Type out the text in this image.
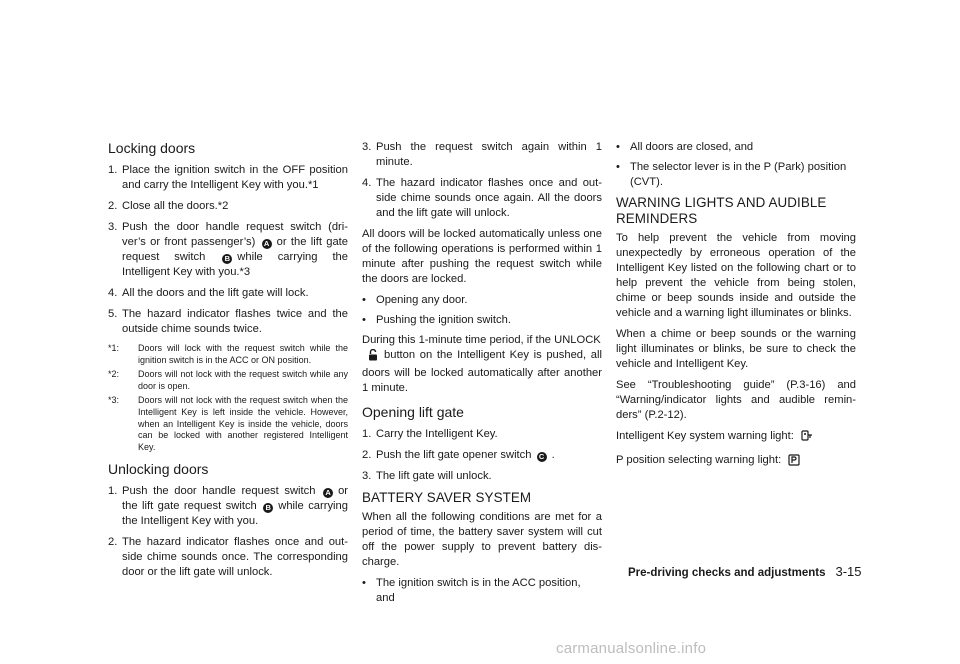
Locking doors
1. Place the ignition switch in the OFF position and carry the Intelligent Key with you.*1
2. Close all the doors.*2
3. Push the door handle request switch (dri-ver’s or front passenger’s) A or the lift gate request switch	B while carrying the Intelligent Key with you.*3
4. All the doors and the lift gate will lock.
5. The hazard indicator flashes twice and the outside chime sounds twice.
*1: Doors will lock with the request switch while the ignition switch is in the ACC or ON position.
*2: Doors will not lock with the request switch while any door is open.
*3: Doors will not lock with the request switch when the Intelligent Key is left inside the vehicle. However, when an Intelligent Key is inside the vehicle, doors can be locked with another registered Intelligent Key.
Unlocking doors
1. Push the door handle request switch A or the lift gate request switch B while carrying the Intelligent Key with you.
2. The hazard indicator flashes once and out-side chime sounds once. The corresponding door or the lift gate will unlock.
3. Push the request switch again within 1 minute.
4. The hazard indicator flashes once and out-side chime sounds once again. All the doors and the lift gate will unlock.

All doors will be locked automatically unless one of the following operations is performed within 1 minute after pushing the request switch while the doors are locked.

• Opening any door.
• Pushing the ignition switch.

During this 1-minute time period, if the UNLOCK
button on the Intelligent Key is pushed, all doors will be locked automatically after another 1 minute.

Opening lift gate
1. Carry the Intelligent Key.
2. Push the lift gate opener switch C .
3. The lift gate will unlock.
BATTERY SAVER SYSTEM

When all the following conditions are met for a period of time, the battery saver system will cut off the power supply to prevent battery dis-charge.

• The ignition switch is in the ACC position, and
• All doors are closed, and
• The selector lever is in the P (Park) position (CVT).
WARNING LIGHTS AND AUDIBLE REMINDERS

To help prevent the vehicle from moving unexpectedly by erroneous operation of the Intelligent Key listed on the following chart or to help prevent the vehicle from being stolen, chime or beep sounds inside and outside the vehicle and a warning light illuminates or blinks.

When a chime or beep sounds or the warning light illuminates or blinks, be sure to check the vehicle and Intelligent Key.

See “Troubleshooting guide” (P.3-16) and “Warning/indicator lights and audible remin-ders” (P.2-12).

Intelligent Key system warning light:

P position selecting warning light:

Pre-driving checks and adjustments 3-15
carmanualsonline.info
